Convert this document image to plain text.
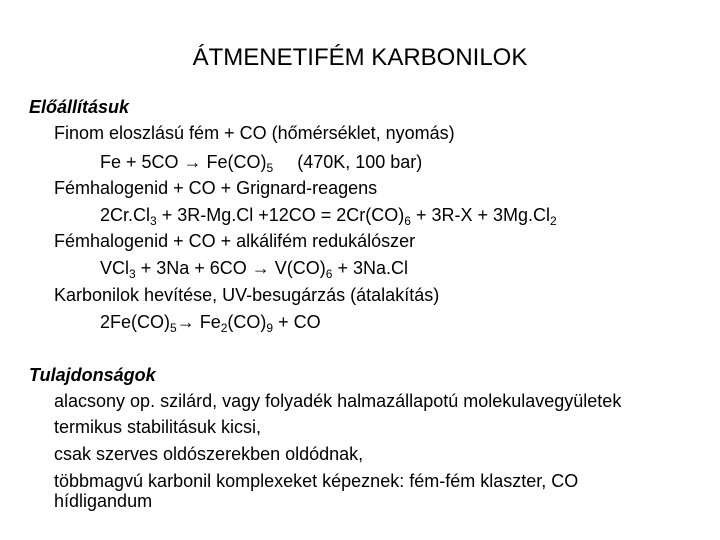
ÁTMENETIFÉM KARBONILOK
Előállításuk
Finom eloszlású fém + CO (hőmérséklet, nyomás)
$Fe + 5CO \to Fe(CO)_5$ (470K, 100 bar)
Fémhalogenid + CO + Grignard-reagens
$2Cr.Cl_3 + 3R-Mg.Cl +12CO = 2Cr(CO)_6 + 3R-X + 3Mg.Cl_2$
Fémhalogenid + CO + alkálifém redukálószer
$VCl_3 + 3Na + 6CO \to V(CO)_6 + 3Na.Cl$
Karbonilok hevítése, UV-besugárzás (átalakítás)
$2Fe(CO)_5\to Fe_2(CO)_9$ + CO
Tulajdonságok
alacsony op. szilárd, vagy folyadék halmazállapotú molekulavegyületek
termikus stabilitásuk kicsi,
csak szerves oldószerekben oldódnak,
többmagvú karbonil komplexeket képeznek: fém-fém klaszter, CO
hídligandum
